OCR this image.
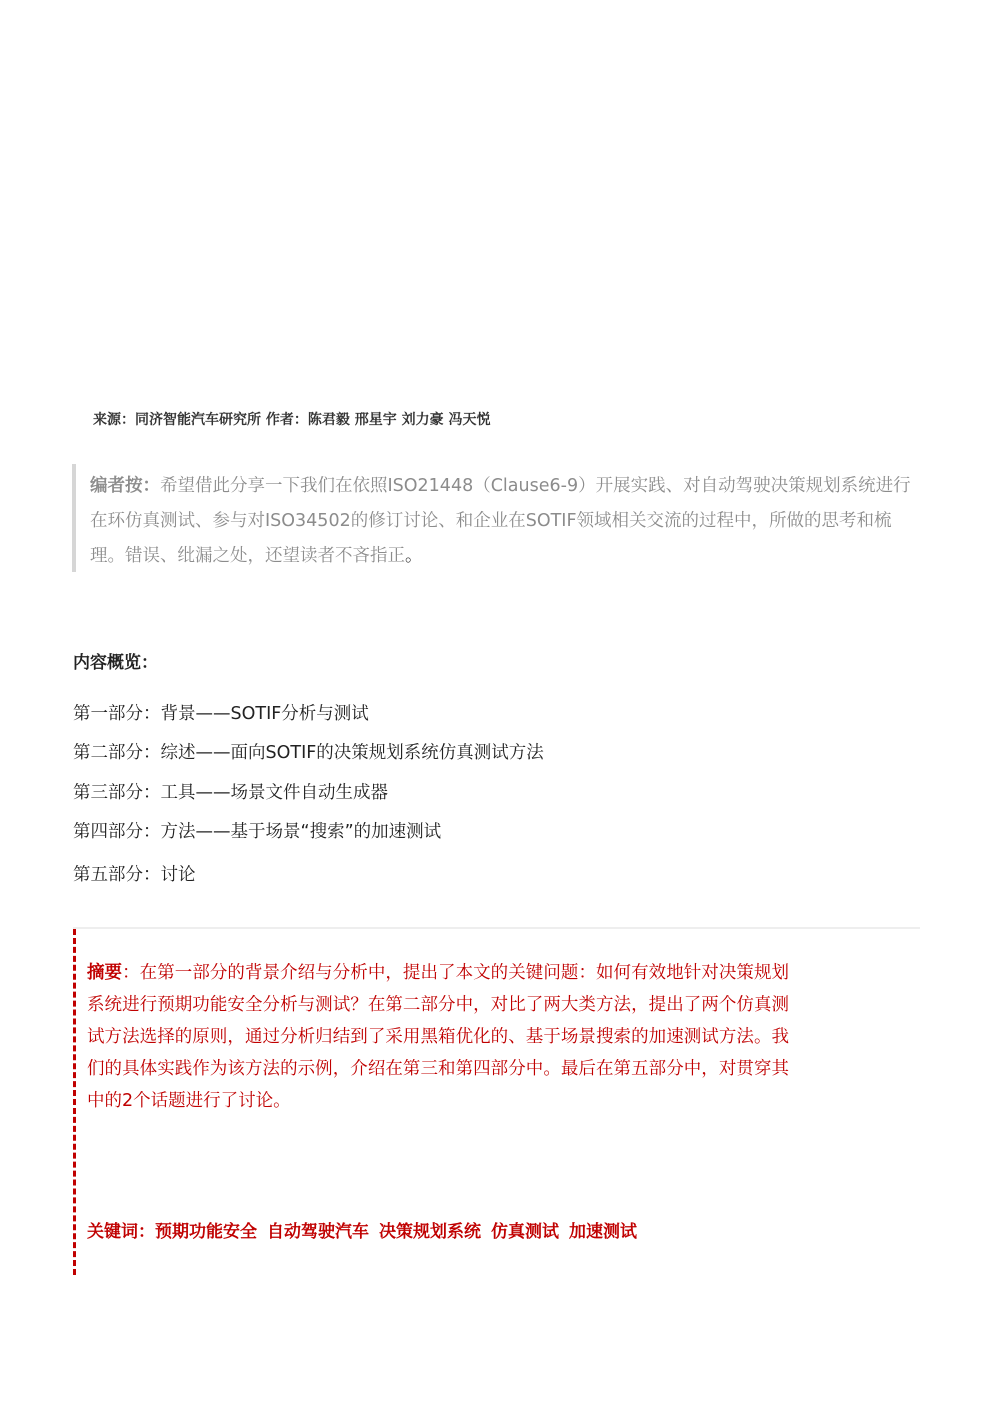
来源：同济智能汽车研究所 作者：陈君毅 邢星宇 刘力豪 冯天悦

编者按：希望借此分享一下我们在依照ISO21448（Clause6-9）开展实践、对自动驾驶决策规划系统进行在环仿真测试、参与对ISO34502的修订讨论、和企业在SOTIF领域相关交流的过程中，所做的思考和梳理。错误、纰漏之处，还望读者不吝指正。

内容概览：
第一部分：背景——SOTIF分析与测试
第二部分：综述——面向SOTIF的决策规划系统仿真测试方法
第三部分：工具——场景文件自动生成器
第四部分：方法——基于场景“搜索”的加速测试
第五部分：讨论

摘要：在第一部分的背景介绍与分析中，提出了本文的关键问题：如何有效地针对决策规划系统进行预期功能安全分析与测试？在第二部分中，对比了两大类方法，提出了两个仿真测试方法选择的原则，通过分析归结到了采用黑箱优化的、基于场景搜索的加速测试方法。我们的具体实践作为该方法的示例，介绍在第三和第四部分中。最后在第五部分中，对贯穿其中的2个话题进行了讨论。

关键词：预期功能安全 自动驾驶汽车 决策规划系统 仿真测试 加速测试
